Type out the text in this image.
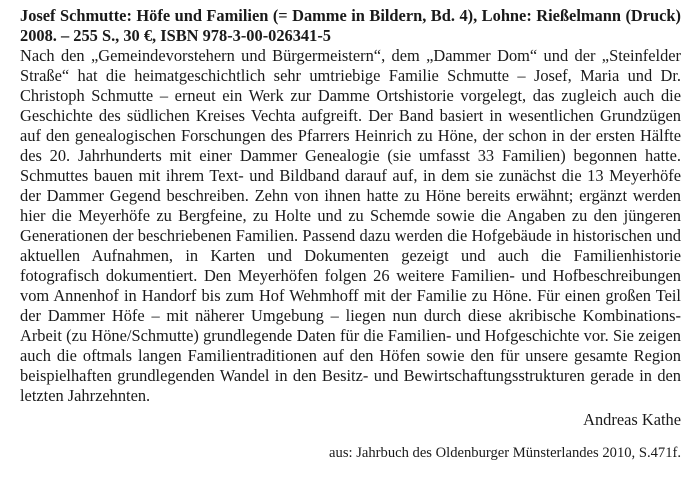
Josef Schmutte: Höfe und Familien (= Damme in Bildern, Bd. 4), Lohne: Rießelmann (Druck) 2008. – 255 S., 30 €, ISBN 978-3-00-026341-5

Nach den „Gemeindevorstehern und Bürgermeistern“, dem „Dammer Dom“ und der „Steinfelder Straße“ hat die heimatgeschichtlich sehr umtriebige Familie Schmutte – Josef, Maria und Dr. Christoph Schmutte – erneut ein Werk zur Damme Ortshistorie vorgelegt, das zugleich auch die Geschichte des südlichen Kreises Vechta aufgreift. Der Band basiert in wesentlichen Grundzügen auf den genealogischen Forschungen des Pfarrers Heinrich zu Höne, der schon in der ersten Hälfte des 20. Jahrhunderts mit einer Dammer Genealogie (sie umfasst 33 Familien) begonnen hatte. Schmuttes bauen mit ihrem Text- und Bildband darauf auf, in dem sie zunächst die 13 Meyerhöfe der Dammer Gegend beschreiben. Zehn von ihnen hatte zu Höne bereits erwähnt; ergänzt werden hier die Meyerhöfe zu Bergfeine, zu Holte und zu Schemde sowie die Angaben zu den jüngeren Generationen der beschriebenen Familien. Passend dazu werden die Hofgebäude in historischen und aktuellen Aufnahmen, in Karten und Dokumenten gezeigt und auch die Familienhistorie fotografisch dokumentiert. Den Meyerhöfen folgen 26 weitere Familien- und Hofbeschreibungen vom Annenhof in Handorf bis zum Hof Wehmhoff mit der Familie zu Höne. Für einen großen Teil der Dammer Höfe – mit näherer Umgebung – liegen nun durch diese akribische Kombinations-Arbeit (zu Höne/Schmutte) grundlegende Daten für die Familien- und Hofgeschichte vor. Sie zeigen auch die oftmals langen Familientraditionen auf den Höfen sowie den für unsere gesamte Region beispielhaften grundlegenden Wandel in den Besitz- und Bewirtschaftungsstrukturen gerade in den letzten Jahrzehnten.

Andreas Kathe

aus: Jahrbuch des Oldenburger Münsterlandes 2010, S.471f.
